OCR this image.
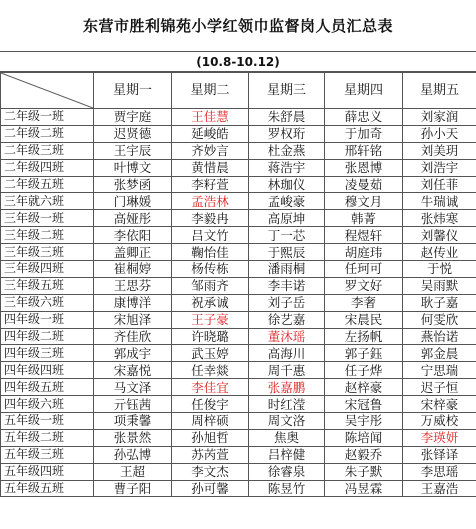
东营市胜利锦苑小学红领巾监督岗人员汇总表
(10.8-10.12)
	星期一	星期二	星期三	星期四	星期五
二年级一班	贾宇庭	王佳慧	朱舒晨	薛忠义	刘家润
二年级二班	迟贤德	延峻皓	罗权珩	于加奇	孙小天
二年级三班	王宇辰	齐妙言	杜金燕	邢轩铭	刘美玥
二年级四班	叶博文	黄惜晨	蒋浩宇	张恩博	刘浩宇
二年级五班	张梦函	李籽萱	林珈仪	凌曼茹	刘任菲
三年就六班	门琳媛	孟浩林	孟峻豪	穆文月	牛瑞诚
三年级一班	高娅彤	李毅冉	高原坤	韩菁	张炜寒
三年级二班	李依阳	吕文竹	丁一芯	程煜轩	刘馨仪
三年级三班	盖卿正	鞠怡佳	于熙辰	胡庭玮	赵传业
三年级四班	崔桐婷	杨传栋	潘雨桐	任珂可	于悦
三年级五班	王思芬	邹雨齐	李丰诺	罗文好	吴雨默
三年级六班	康博洋	祝承诚	刘子岳	李奢	耿子嘉
四年级一班	宋旭泽	王子豪	徐艺嘉	宋晨民	何雯欣
四年级二班	齐佳欣	许晓璐	董沐瑶	左扬帆	燕怡诺
四年级三班	郭成宇	武玉婷	高海川	郭子鈺	郭金晨
四年级四班	宋嘉悦	任幸燚	周千惠	任子烨	宁思瑞
四年级五班	马文泽	李佳宜	张嘉鹏	赵梓豪	迟子恒
四年级六班	亓钰茜	任俊宇	时红滢	宋冠鲁	宋梓豪
五年级一班	项秉馨	周梓硕	周文洛	吴宇彤	万威校
五年级二班	张景然	孙旭哲	焦奥	陈培闻	李瑛妍
五年级三班	孙弘博	苏芮萱	吕梓健	赵毅乔	张铎译
五年级四班	王超	李文杰	徐睿泉	朱子默	李思瑶
五年级五班	曹子阳	孙可馨	陈昱竹	冯昱霖	王嘉浩
